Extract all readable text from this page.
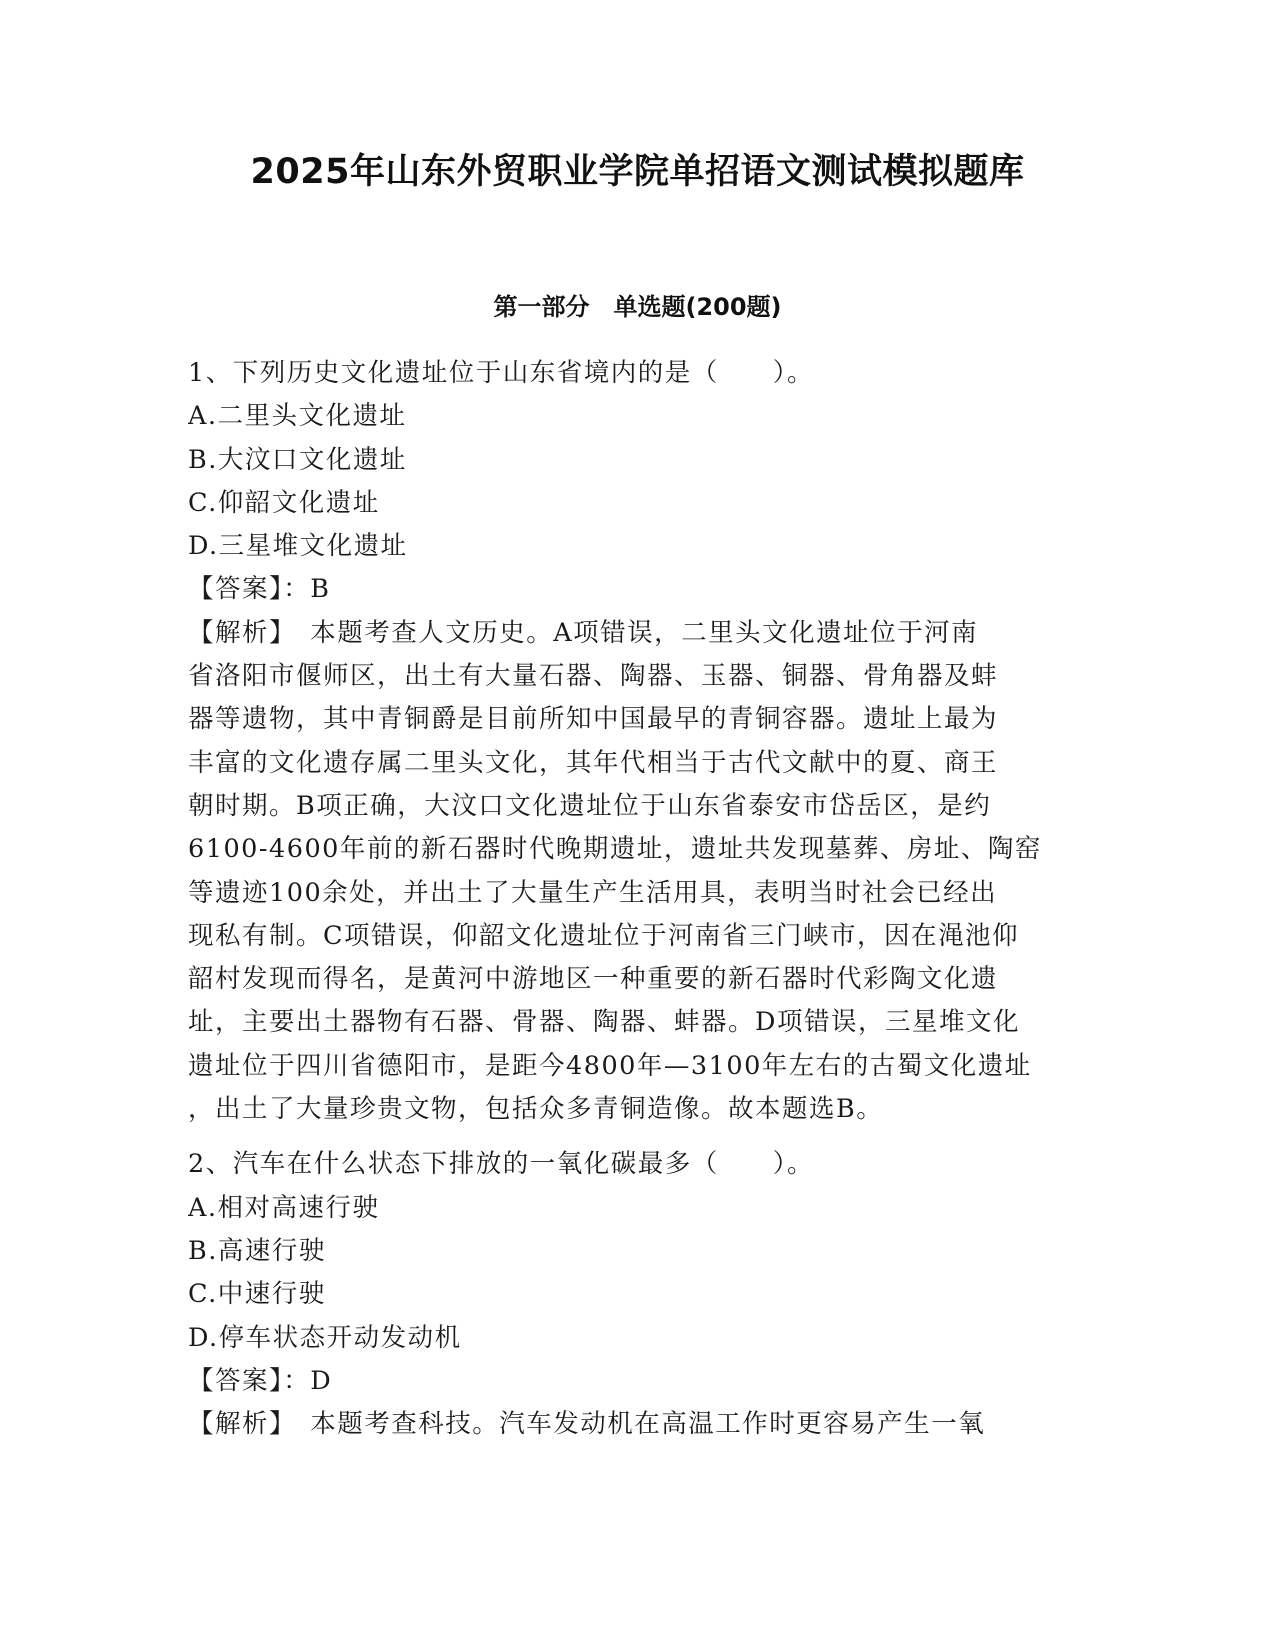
2025年山东外贸职业学院单招语文测试模拟题库
第一部分　单选题(200题)
1、下列历史文化遗址位于山东省境内的是（　　）。
A.二里头文化遗址
B.大汶口文化遗址
C.仰韶文化遗址
D.三星堆文化遗址
【答案】：B
【解析】　本题考查人文历史。A项错误，二里头文化遗址位于河南
省洛阳市偃师区，出土有大量石器、陶器、玉器、铜器、骨角器及蚌
器等遗物，其中青铜爵是目前所知中国最早的青铜容器。遗址上最为
丰富的文化遗存属二里头文化，其年代相当于古代文献中的夏、商王
朝时期。B项正确，大汶口文化遗址位于山东省泰安市岱岳区，是约
6100-4600年前的新石器时代晚期遗址，遗址共发现墓葬、房址、陶窑
等遗迹100余处，并出土了大量生产生活用具，表明当时社会已经出
现私有制。C项错误，仰韶文化遗址位于河南省三门峡市，因在渑池仰
韶村发现而得名，是黄河中游地区一种重要的新石器时代彩陶文化遗
址，主要出土器物有石器、骨器、陶器、蚌器。D项错误，三星堆文化
遗址位于四川省德阳市，是距今4800年—3100年左右的古蜀文化遗址
，出土了大量珍贵文物，包括众多青铜造像。故本题选B。
2、汽车在什么状态下排放的一氧化碳最多（　　）。
A.相对高速行驶
B.高速行驶
C.中速行驶
D.停车状态开动发动机
【答案】：D
【解析】　本题考查科技。汽车发动机在高温工作时更容易产生一氧
